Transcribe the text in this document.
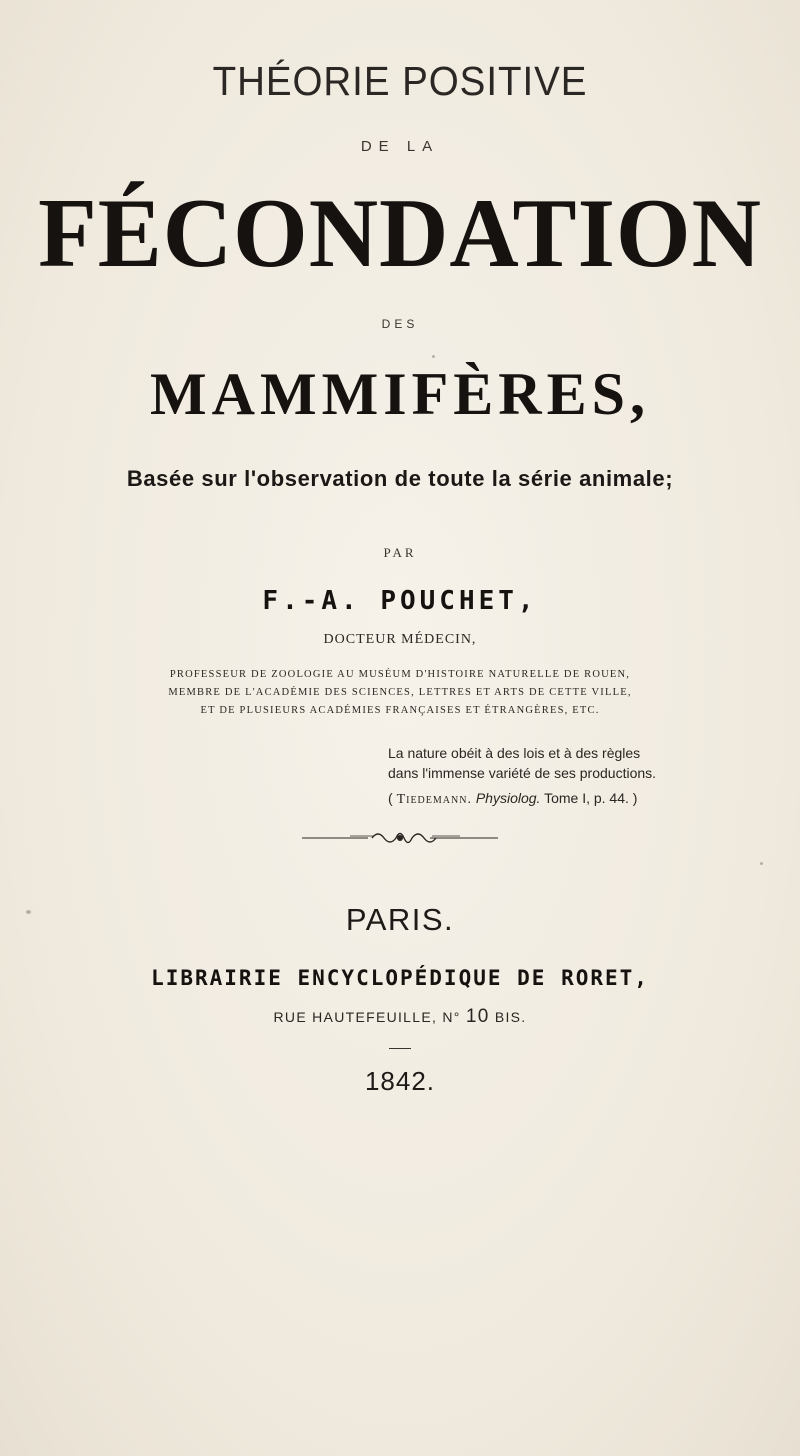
THÉORIE POSITIVE
DE LA
FÉCONDATION
DES
MAMMIFÈRES,
Basée sur l'observation de toute la série animale;
PAR
F.-A. POUCHET,
DOCTEUR MÉDECIN,
PROFESSEUR DE ZOOLOGIE AU MUSÉUM D'HISTOIRE NATURELLE DE ROUEN,
MEMBRE DE L'ACADÉMIE DES SCIENCES, LETTRES ET ARTS DE CETTE VILLE,
ET DE PLUSIEURS ACADÉMIES FRANÇAISES ET ÉTRANGÈRES, ETC.
La nature obéit à des lois et à des règles
dans l'immense variété de ses productions.
( Tiedemann. Physiolog. Tome I, p. 44. )
PARIS.
LIBRAIRIE ENCYCLOPÉDIQUE DE RORET,
RUE HAUTEFEUILLE, N° 10 BIS.
1842.
